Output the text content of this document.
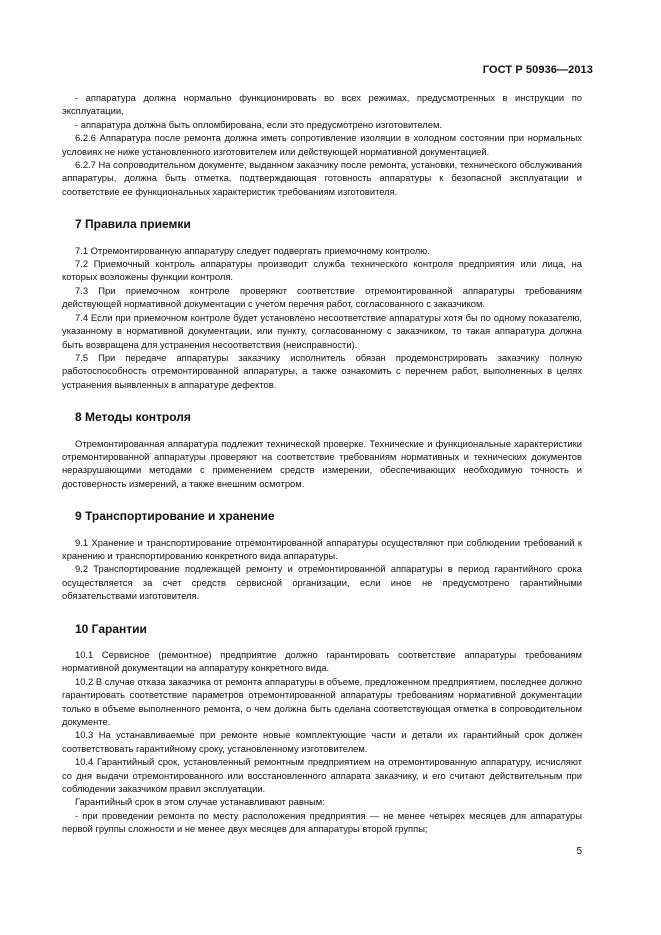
ГОСТ Р 50936—2013

- аппаратура должна нормально функционировать во всех режимах, предусмотренных в инструкции по эксплуатации,

- аппаратура должна быть опломбирована, если это предусмотрено изготовителем.

6.2.6 Аппаратура после ремонта должна иметь сопротивление изоляции в холодном состоянии при нормальных условиях не ниже установленного изготовителем или действующей нормативной документацией.

6.2.7 На сопроводительном документе, выданном заказчику после ремонта, установки, технического обслуживания аппаратуры, должна быть отметка, подтверждающая готовность аппаратуры к безопасной эксплуатации и соответствие ее функциональных характеристик требованиям изготовителя.

7 Правила приемки

7.1 Отремонтированную аппаратуру следует подвергать приемочному контролю.

7.2 Приемочный контроль аппаратуры производит служба технического контроля предприятия или лица, на которых возложены функции контроля.

7.3 При приемочном контроле проверяют соответствие отремонтированной аппаратуры требованиям действующей нормативной документации с учетом перечня работ, согласованного с заказчиком.

7.4 Если при приемочном контроле будет установлено несоответствие аппаратуры хотя бы по одному показателю, указанному в нормативной документации, или пункту, согласованному с заказчиком, то такая аппаратура должна быть возвращена для устранения несоответствия (неисправности).

7.5 При передаче аппаратуры заказчику исполнитель обязан продемонстрировать заказчику полную работоспособность отремонтированной аппаратуры, а также ознакомить с перечнем работ, выполненных в целях устранения выявленных в аппаратуре дефектов.

8 Методы контроля

Отремонтированная аппаратура подлежит технической проверке. Технические и функциональные характеристики отремонтированной аппаратуры проверяют на соответствие требованиям нормативных и технических документов неразрушающими методами с применением средств измерении, обеспечивающих необходимую точность и достоверность измерений, а также внешним осмотром.

9 Транспортирование и хранение

9.1 Хранение и транспортирование отремонтированной аппаратуры осуществляют при соблюдении требований к хранению и транспортированию конкретного вида аппаратуры.

9.2 Транспортирование подлежащей ремонту и отремонтированной аппаратуры в период гарантийного срока осуществляется за счет средств сервисной организации, если иное не предусмотрено гарантийными обязательствами изготовителя.

10 Гарантии

10.1 Сервисное (ремонтное) предприятие должно гарантировать соответствие аппаратуры требованиям нормативной документации на аппаратуру конкретного вида.

10.2 В случае отказа заказчика от ремонта аппаратуры в объеме, предложенном предприятием, последнее должно гарантировать соответствие параметров отремонтированной аппаратуры требованиям нормативной документации только в объеме выполненного ремонта, о чем должна быть сделана соответствующая отметка в сопроводительном документе.

10.3 На устанавливаемые при ремонте новые комплектующие части и детали их гарантийный срок должен соответствовать гарантийному сроку, установленному изготовителем.

10.4 Гарантийный срок, установленный ремонтным предприятием на отремонтированную аппаратуру, исчисляют со дня выдачи отремонтированного или восстановленного аппарата заказчику, и его считают действительным при соблюдении заказчиком правил эксплуатации.

Гарантийный срок в этом случае устанавливают равным:

- при проведении ремонта по месту расположения предприятия — не менее четырех месяцев для аппаратуры первой группы сложности и не менее двух месяцев для аппаратуры второй группы;

5
